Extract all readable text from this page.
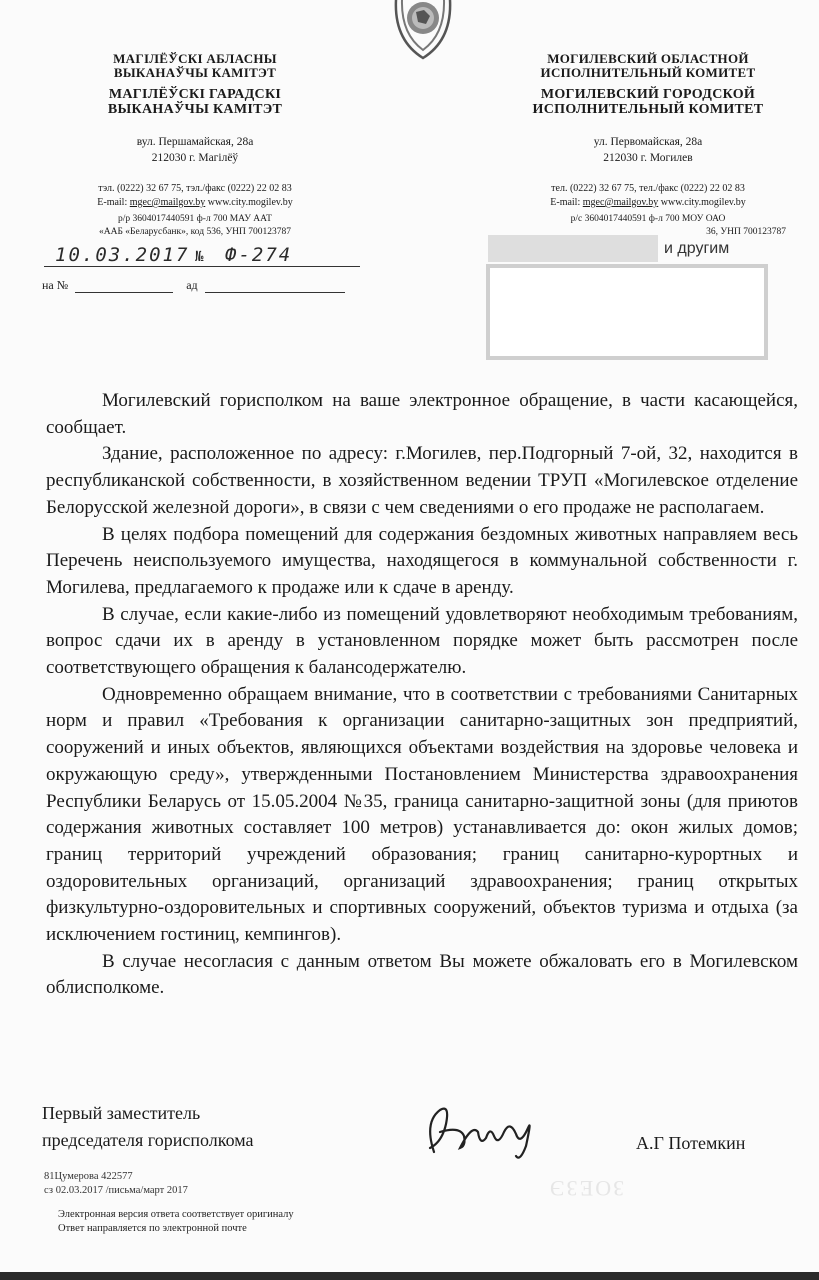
МАГІЛЁЎСКІ АБЛАСНЫ
ВЫКАНАЎЧЫ КАМІТЭТ
МАГІЛЁЎСКІ ГАРАДСКІ
ВЫКАНАЎЧЫ КАМІТЭТ
вул. Першамайская, 28а
212030 г. Магілёў
тэл. (0222) 32 67 75, тэл./факс (0222) 22 02 83
E-mail: mgec@mailgov.by www.city.mogilev.by
р/р 3604017440591 ф-л 700 МАУ ААТ
«ААБ «Беларусбанк», код 536, УНП 700123787
МОГИЛЕВСКИЙ ОБЛАСТНОЙ
ИСПОЛНИТЕЛЬНЫЙ КОМИТЕТ
МОГИЛЕВСКИЙ ГОРОДСКОЙ
ИСПОЛНИТЕЛЬНЫЙ КОМИТЕТ
ул. Первомайская, 28а
212030 г. Могилев
тел. (0222) 32 67 75, тел./факс (0222) 22 02 83
E-mail: mgec@mailgov.by www.city.mogilev.by
р/с 3604017440591 ф-л 700 МОУ ОАО
36, УНП 700123787
10.03.2017 № Ф-274
на №	ад
и другим

Могилевский горисполком на ваше электронное обращение, в части касающейся, сообщает.

Здание, расположенное по адресу: г.Могилев, пер.Подгорный 7-ой, 32, находится в республиканской собственности, в хозяйственном ведении ТРУП «Могилевское отделение Белорусской железной дороги», в связи с чем сведениями о его продаже не располагаем.

В целях подбора помещений для содержания бездомных животных направляем весь Перечень неиспользуемого имущества, находящегося в коммунальной собственности г. Могилева, предлагаемого к продаже или к сдаче в аренду.

В случае, если какие-либо из помещений удовлетворяют необходимым требованиям, вопрос сдачи их в аренду в установленном порядке может быть рассмотрен после соответствующего обращения к балансодержателю.

Одновременно обращаем внимание, что в соответствии с требованиями Санитарных норм и правил «Требования к организации санитарно-защитных зон предприятий, сооружений и иных объектов, являющихся объектами воздействия на здоровье человека и окружающую среду», утвержденными Постановлением Министерства здравоохранения Республики Беларусь от 15.05.2004 №35, граница санитарно-защитной зоны (для приютов содержания животных составляет 100 метров) устанавливается до: окон жилых домов; границ территорий учреждений образования; границ санитарно-курортных и оздоровительных организаций, организаций здравоохранения; границ открытых физкультурно-оздоровительных и спортивных сооружений, объектов туризма и отдыха (за исключением гостиниц, кемпингов).

В случае несогласия с данным ответом Вы можете обжаловать его в Могилевском облисполкоме.

Первый заместитель
председателя горисполкома	А.Г Потемкин
ЗОЕЗЭ
81Цумерова 422577
сз 02.03.2017 /письма/март 2017
Электронная версия ответа соответствует оригиналу
Ответ направляется по электронной почте
